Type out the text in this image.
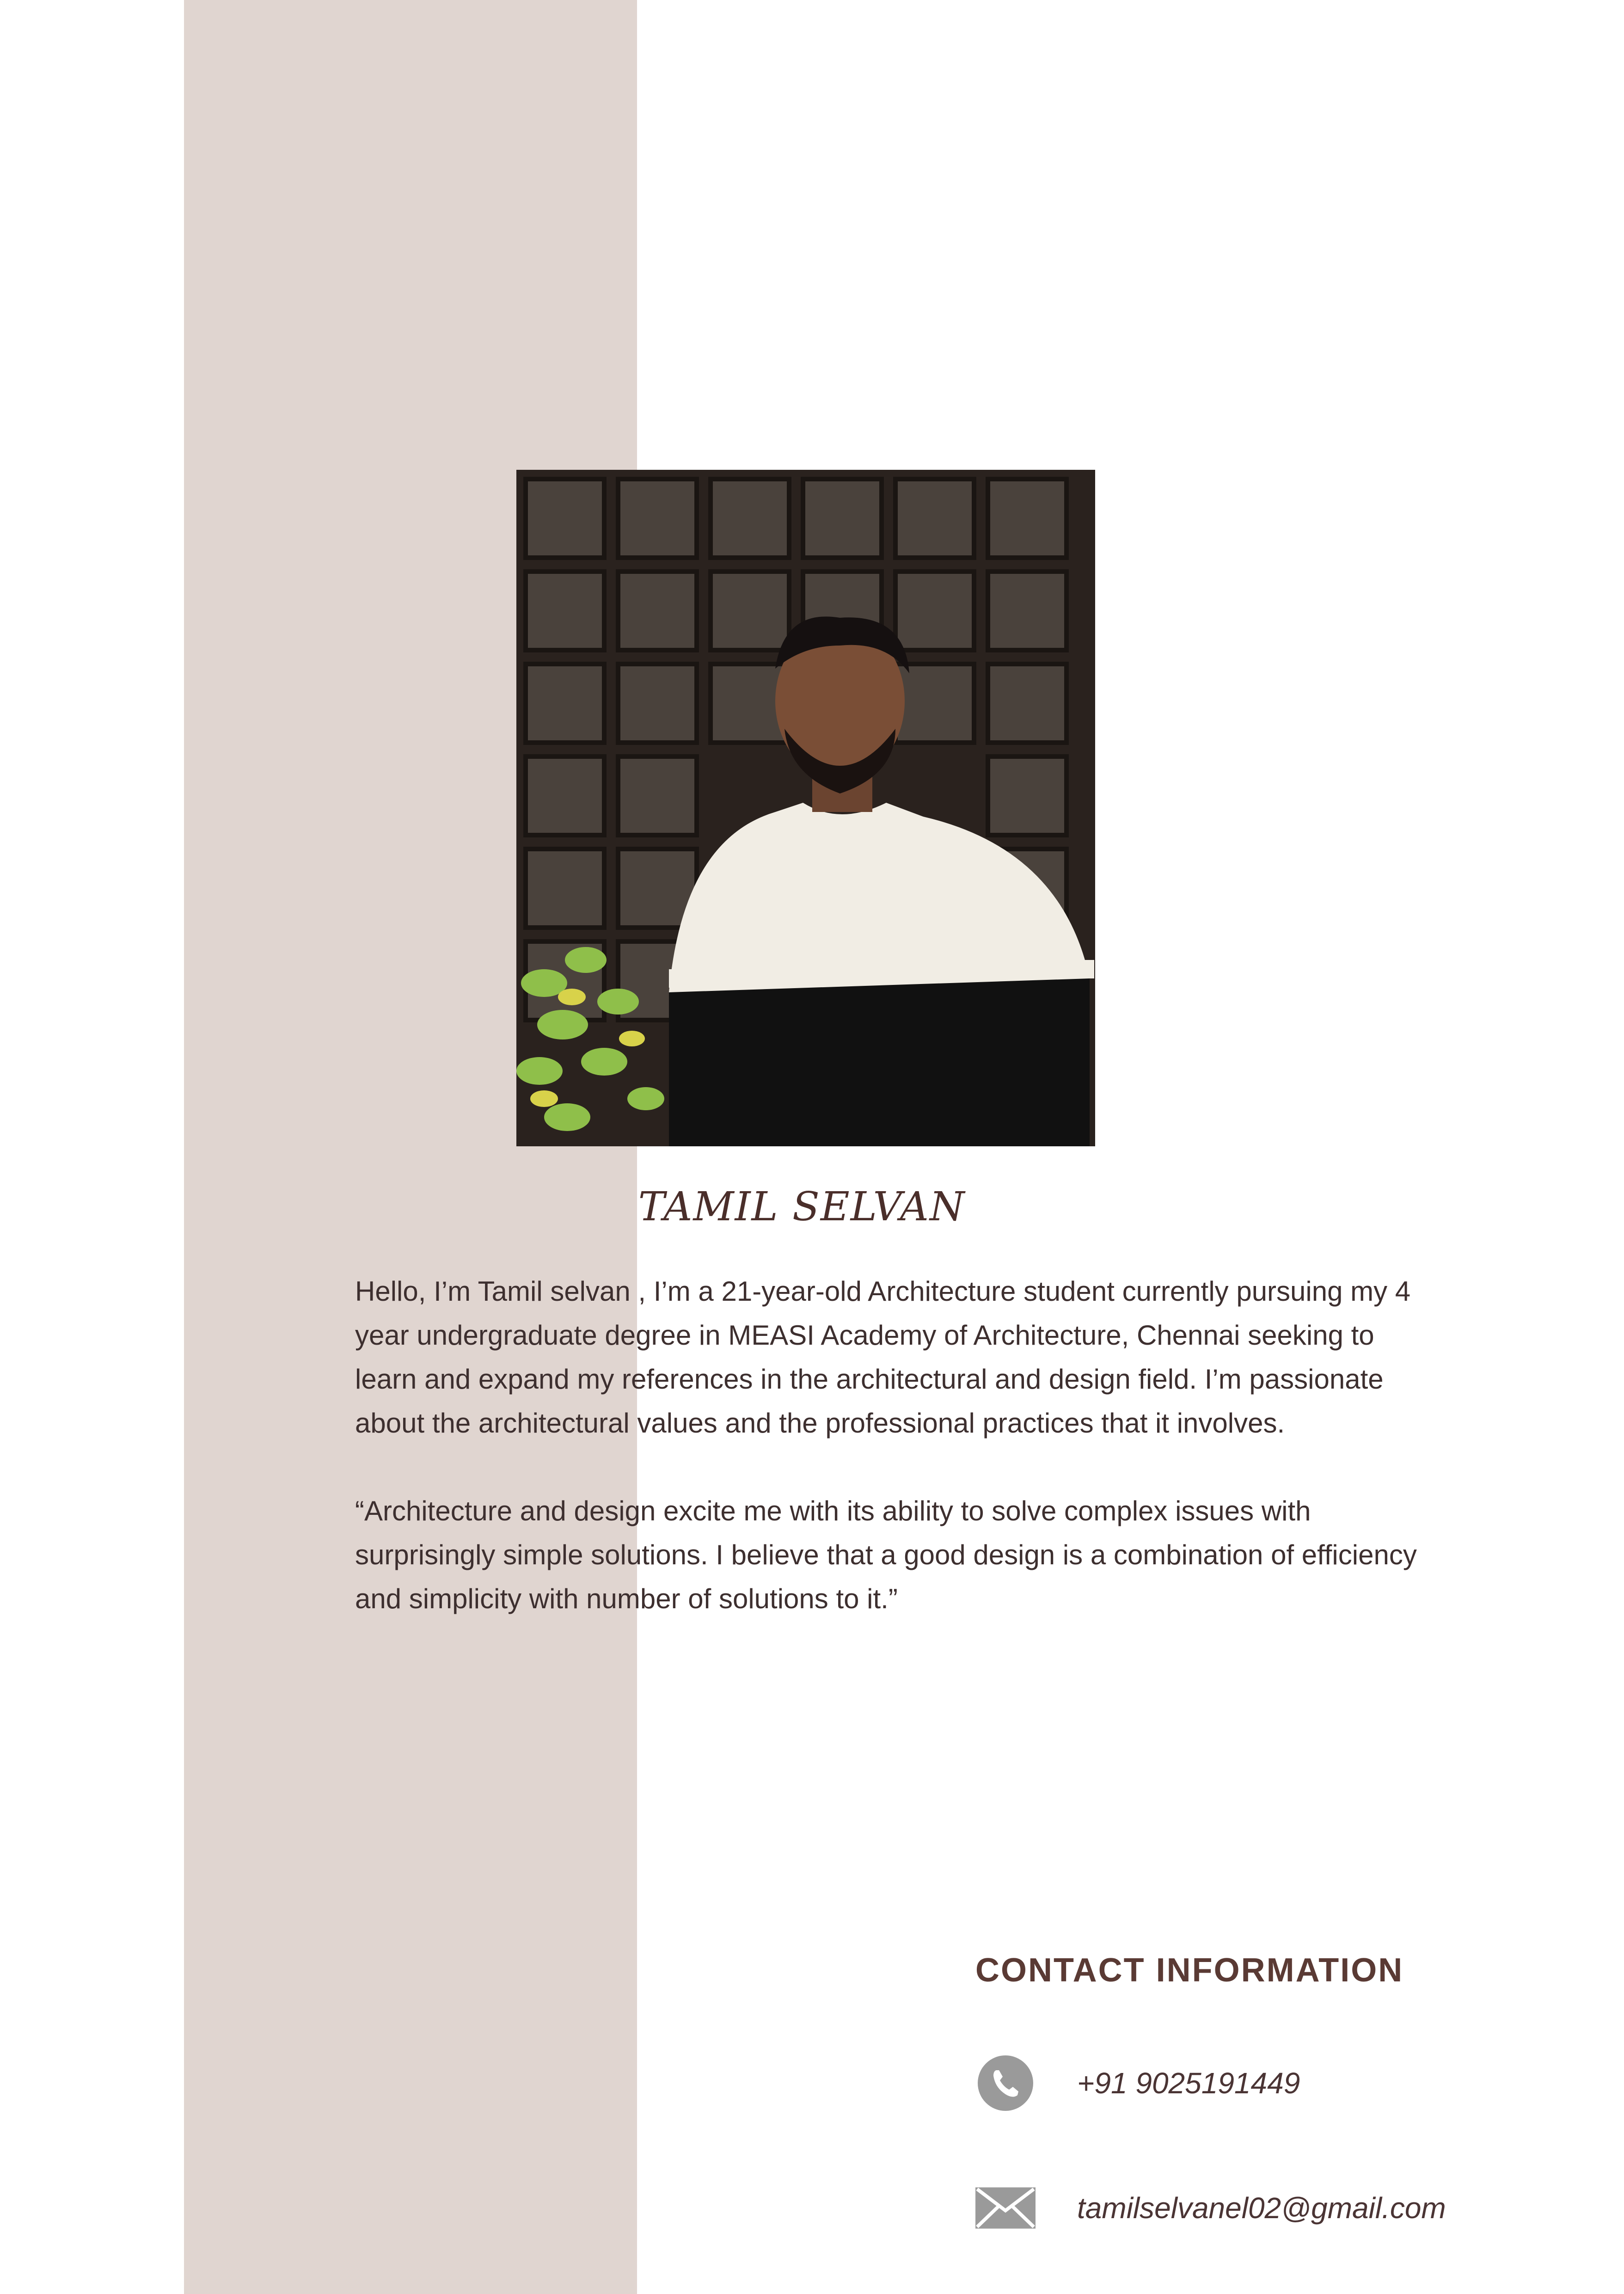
TAMIL SELVAN

Hello, I’m Tamil selvan , I’m a 21-year-old Architecture student currently pursuing my 4 year undergraduate degree in MEASI Academy of Architecture, Chennai seeking to learn and expand my references in the architectural and design field. I’m passionate about the architectural values and the professional practices that it involves.

“Architecture and design excite me with its ability to solve complex issues with surprisingly simple solutions. I believe that a good design is a combination of efficiency and simplicity with number of solutions to it.”

CONTACT INFORMATION
+91 9025191449
tamilselvanel02@gmail.com
